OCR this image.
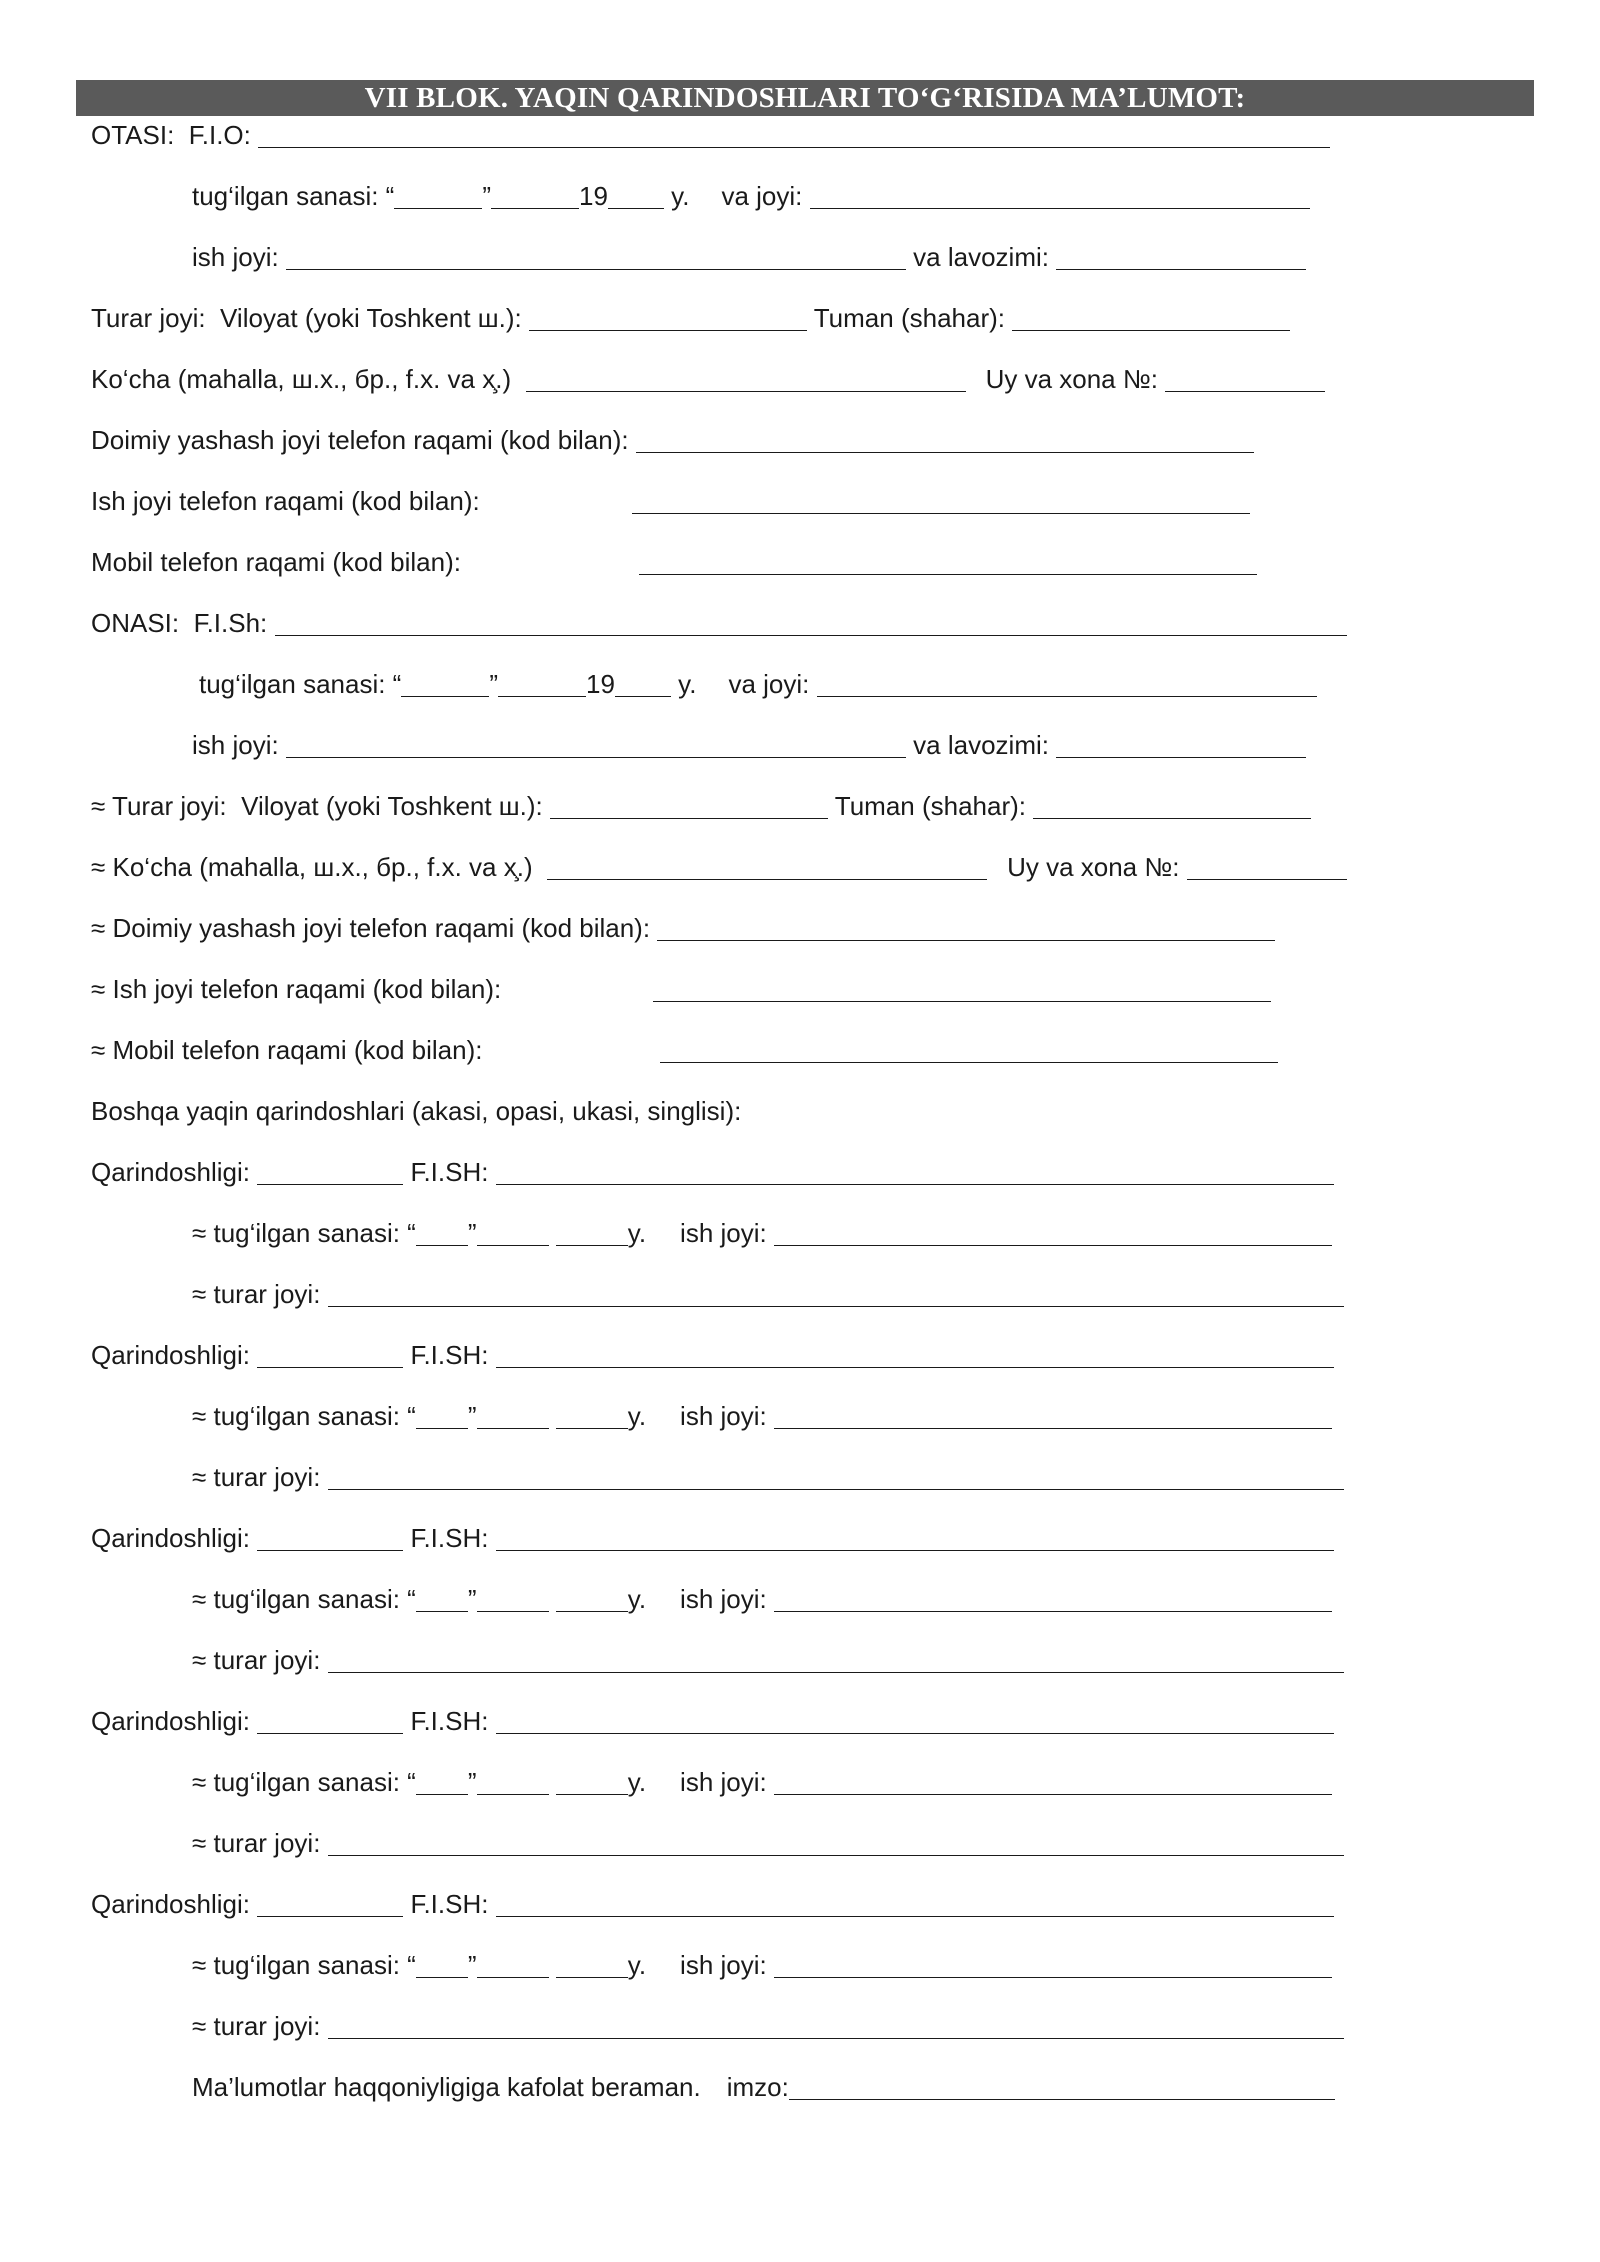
VII BLOK. YAQIN QARINDOSHLARI TO‘G‘RISIDA MA’LUMOT:
OTASI:  F.I.O:
tug‘ilgan sanasi: “	”	19 y. va joyi:
ish joyi:	va lavozimi:
Turar joyi:  Viloyat (yoki Toshkent ш.):	Tuman (shahar):
Ko‘cha (mahalla, ш.х., бр., f.x. va х̧.)	Uy va xona №:
Doimiy yashash joyi telefon raqami (kod bilan):
Ish joyi telefon raqami (kod bilan):
Mobil telefon raqami (kod bilan):
ONASI:  F.I.Sh:
tug‘ilgan sanasi: “	”	19 y. va joyi:
ish joyi:	va lavozimi:
≈ Turar joyi:  Viloyat (yoki Toshkent ш.):	Tuman (shahar):
≈ Ko‘cha (mahalla, ш.х., бр., f.x. va х̧.)	Uy va xona №:
≈ Doimiy yashash joyi telefon raqami (kod bilan):
≈ Ish joyi telefon raqami (kod bilan):
≈ Mobil telefon raqami (kod bilan):
Boshqa yaqin qarindoshlari (akasi, opasi, ukasi, singlisi):
Qarindoshligi:	F.I.SH:
≈ tug‘ilgan sanasi: “ ”	y. ish joyi:
≈ turar joyi:
Qarindoshligi:	F.I.SH:
≈ tug‘ilgan sanasi: “ ”	y. ish joyi:
≈ turar joyi:
Qarindoshligi:	F.I.SH:
≈ tug‘ilgan sanasi: “ ”	y. ish joyi:
≈ turar joyi:
Qarindoshligi:	F.I.SH:
≈ tug‘ilgan sanasi: “ ”	y. ish joyi:
≈ turar joyi:
Qarindoshligi:	F.I.SH:
≈ tug‘ilgan sanasi: “ ”	y. ish joyi:
≈ turar joyi:
Ma’lumotlar haqqoniyligiga kafolat beraman. imzo:
